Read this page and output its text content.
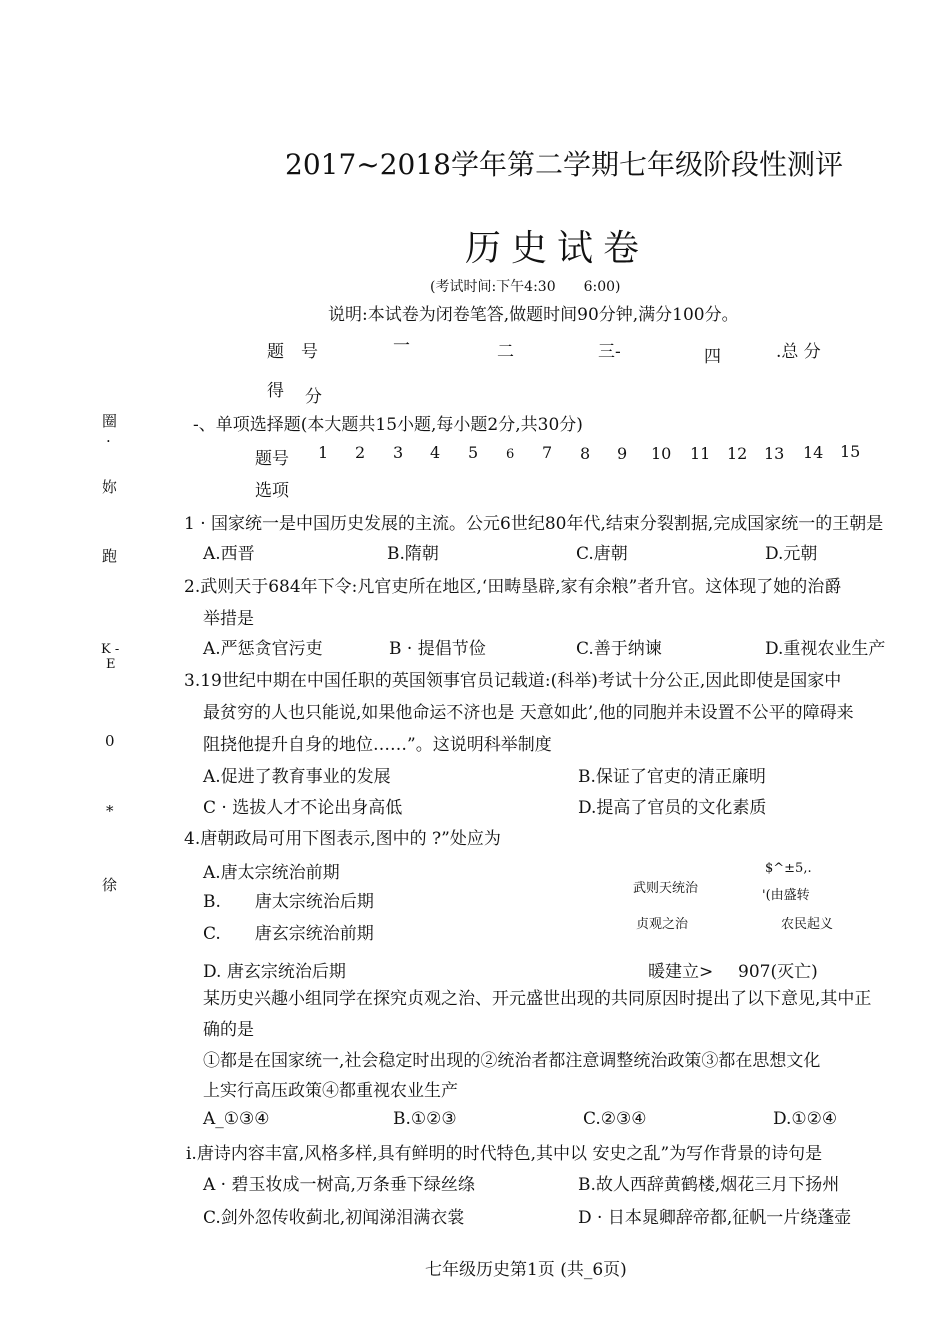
2017~2018学年第二学期七年级阶段性测评
历史试卷
(考试时间:下午4:30　　6:00)
说明:本试卷为闭卷笔答,做题时间90分钟,满分100分。
题　号	一	二	三-	四	.总 分
得 分
圈
·
妳
跑
K -
E
0
*
徐
-、单项选择题(本大题共15小题,每小题2分,共30分)
题号 1 2 3 4 5 6 7 8 9 10 11 12 13 14 15
选项
1 · 国家统一是中国历史发展的主流。公元6世纪80年代,结束分裂割据,完成国家统一的王朝是
A.西晋	B.隋朝	C.唐朝	D.元朝
2.武则天于684年下令:凡官吏所在地区,‘田畴垦辟,家有余粮”者升官。这体现了她的治爵
举措是
A.严惩贪官污吏	B · 提倡节俭	C.善于纳谏	D.重视农业生产
3.19世纪中期在中国任职的英国领事官员记载道:(科举)考试十分公正,因此即使是国家中
最贫穷的人也只能说,如果他命运不济也是 天意如此’,他的同胞并未设置不公平的障碍来
阻挠他提升自身的地位……”。这说明科举制度
A.促进了教育事业的发展	B.保证了官吏的清正廉明
C · 选拔人才不论出身高低	D.提高了官员的文化素质
4.唐朝政局可用下图表示,图中的 ?”处应为
A.唐太宗统治前期
B.　　唐太宗统治后期
C.　　唐玄宗统治前期
D. 唐玄宗统治后期
$^±5,.
武则天统治	'(由盛转
贞观之治	农民起义
暖建立> 907(灭亡)
某历史兴趣小组同学在探究贞观之治、开元盛世出现的共同原因时提出了以下意见,其中正
确的是
①都是在国家统一,社会稳定时出现的②统治者都注意调整统治政策③都在思想文化
上实行高压政策④都重视农业生产
A_①③④	B.①②③	C.②③④	D.①②④
i.唐诗内容丰富,风格多样,具有鲜明的时代特色,其中以 安史之乱”为写作背景的诗句是
A · 碧玉妆成一树高,万条垂下绿丝绦	B.故人西辞黄鹤楼,烟花三月下扬州
C.剑外忽传收蓟北,初闻涕泪满衣裳	D · 日本晁卿辞帝都,征帆一片绕蓬壶
七年级历史第1页 (共_6页)
